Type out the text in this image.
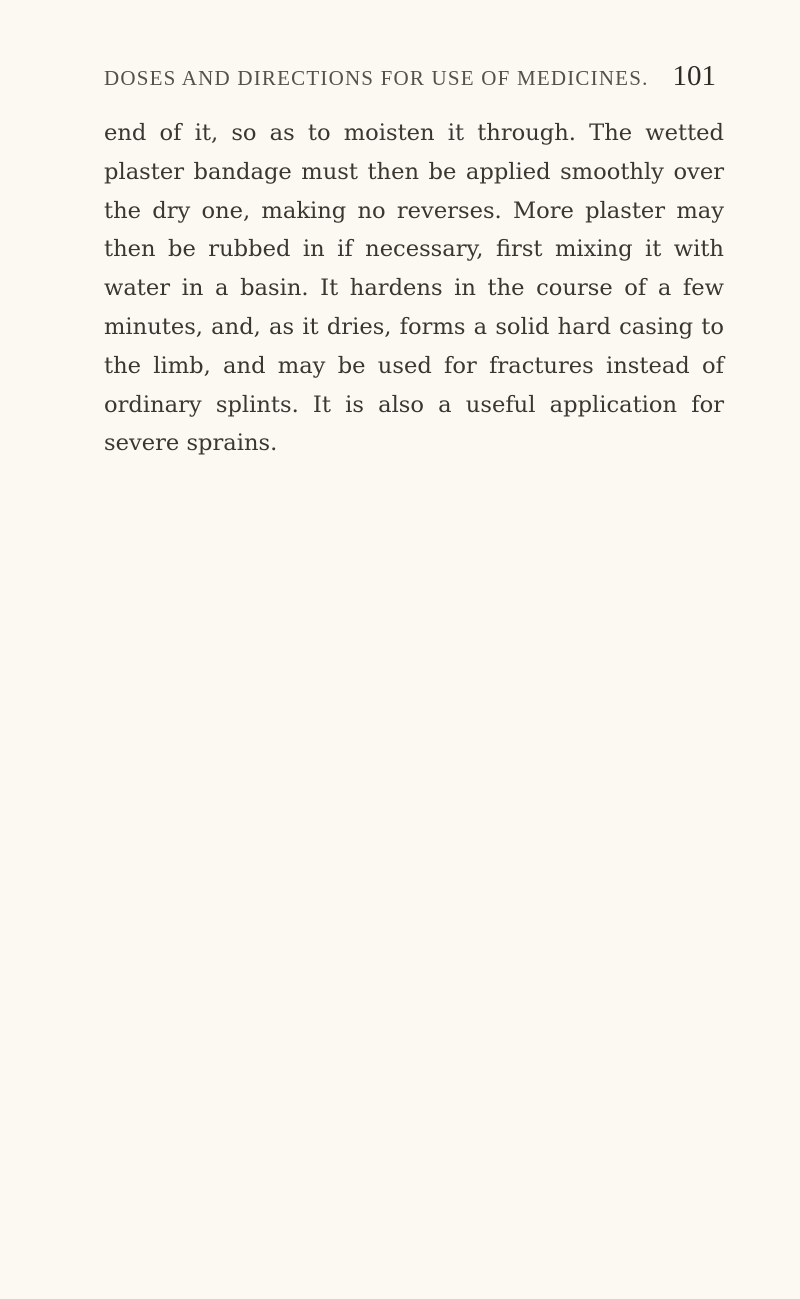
DOSES AND DIRECTIONS FOR USE OF MEDICINES. 101
end of it, so as to moisten it through. The wetted
plaster bandage must then be applied smoothly over
the dry one, making no reverses. More plaster may
then be rubbed in if necessary, first mixing it with
water in a basin. It hardens in the course of a few
minutes, and, as it dries, forms a solid hard casing to
the limb, and may be used for fractures instead of
ordinary splints. It is also a useful application for
severe sprains.
